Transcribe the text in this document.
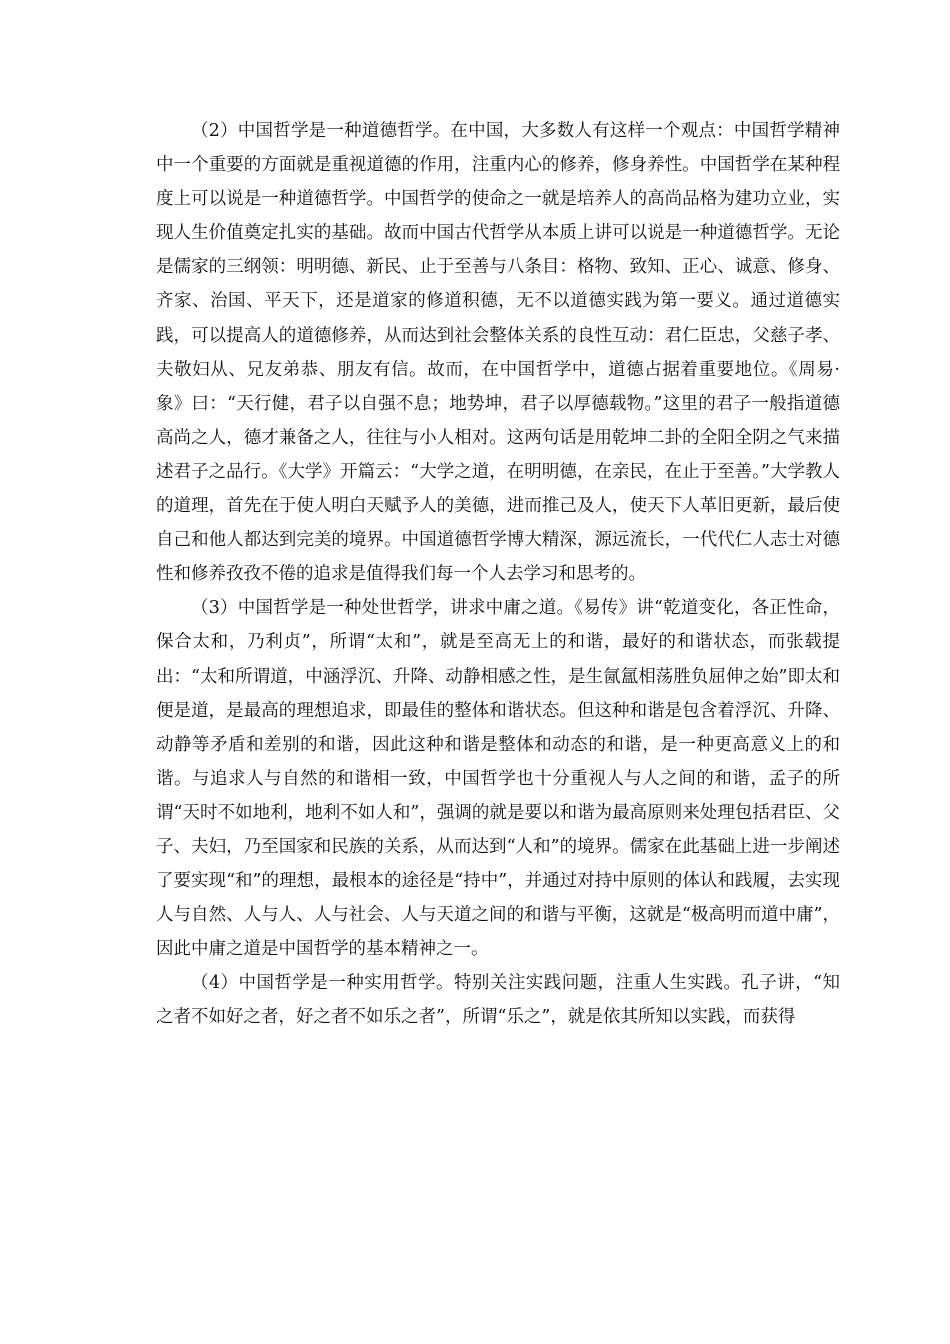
（2）中国哲学是一种道德哲学。在中国，大多数人有这样一个观点：中国哲学精神中一个重要的方面就是重视道德的作用，注重内心的修养，修身养性。中国哲学在某种程度上可以说是一种道德哲学。中国哲学的使命之一就是培养人的高尚品格为建功立业，实现人生价值奠定扎实的基础。故而中国古代哲学从本质上讲可以说是一种道德哲学。无论是儒家的三纲领：明明德、新民、止于至善与八条目：格物、致知、正心、诚意、修身、齐家、治国、平天下，还是道家的修道积德，无不以道德实践为第一要义。通过道德实践，可以提高人的道德修养，从而达到社会整体关系的良性互动：君仁臣忠，父慈子孝、夫敬妇从、兄友弟恭、朋友有信。故而，在中国哲学中，道德占据着重要地位。《周易·象》曰：“天行健，君子以自强不息；地势坤，君子以厚德载物。”这里的君子一般指道德高尚之人，德才兼备之人，往往与小人相对。这两句话是用乾坤二卦的全阳全阴之气来描述君子之品行。《大学》开篇云：“大学之道，在明明德，在亲民，在止于至善。”大学教人的道理，首先在于使人明白天赋予人的美德，进而推己及人，使天下人革旧更新，最后使自己和他人都达到完美的境界。中国道德哲学博大精深，源远流长，一代代仁人志士对德性和修养孜孜不倦的追求是值得我们每一个人去学习和思考的。

（3）中国哲学是一种处世哲学，讲求中庸之道。《易传》讲“乾道变化，各正性命，保合太和，乃利贞”，所谓“太和”，就是至高无上的和谐，最好的和谐状态，而张载提出：“太和所谓道，中涵浮沉、升降、动静相感之性，是生氤氲相荡胜负屈伸之始”即太和便是道，是最高的理想追求，即最佳的整体和谐状态。但这种和谐是包含着浮沉、升降、动静等矛盾和差别的和谐，因此这种和谐是整体和动态的和谐，是一种更高意义上的和谐。与追求人与自然的和谐相一致，中国哲学也十分重视人与人之间的和谐，孟子的所谓“天时不如地利，地利不如人和”，强调的就是要以和谐为最高原则来处理包括君臣、父子、夫妇，乃至国家和民族的关系，从而达到“人和”的境界。儒家在此基础上进一步阐述了要实现“和”的理想，最根本的途径是“持中”，并通过对持中原则的体认和践履，去实现人与自然、人与人、人与社会、人与天道之间的和谐与平衡，这就是“极高明而道中庸”，因此中庸之道是中国哲学的基本精神之一。

（4）中国哲学是一种实用哲学。特别关注实践问题，注重人生实践。孔子讲，“知之者不如好之者，好之者不如乐之者”，所谓“乐之”，就是依其所知以实践，而获得
